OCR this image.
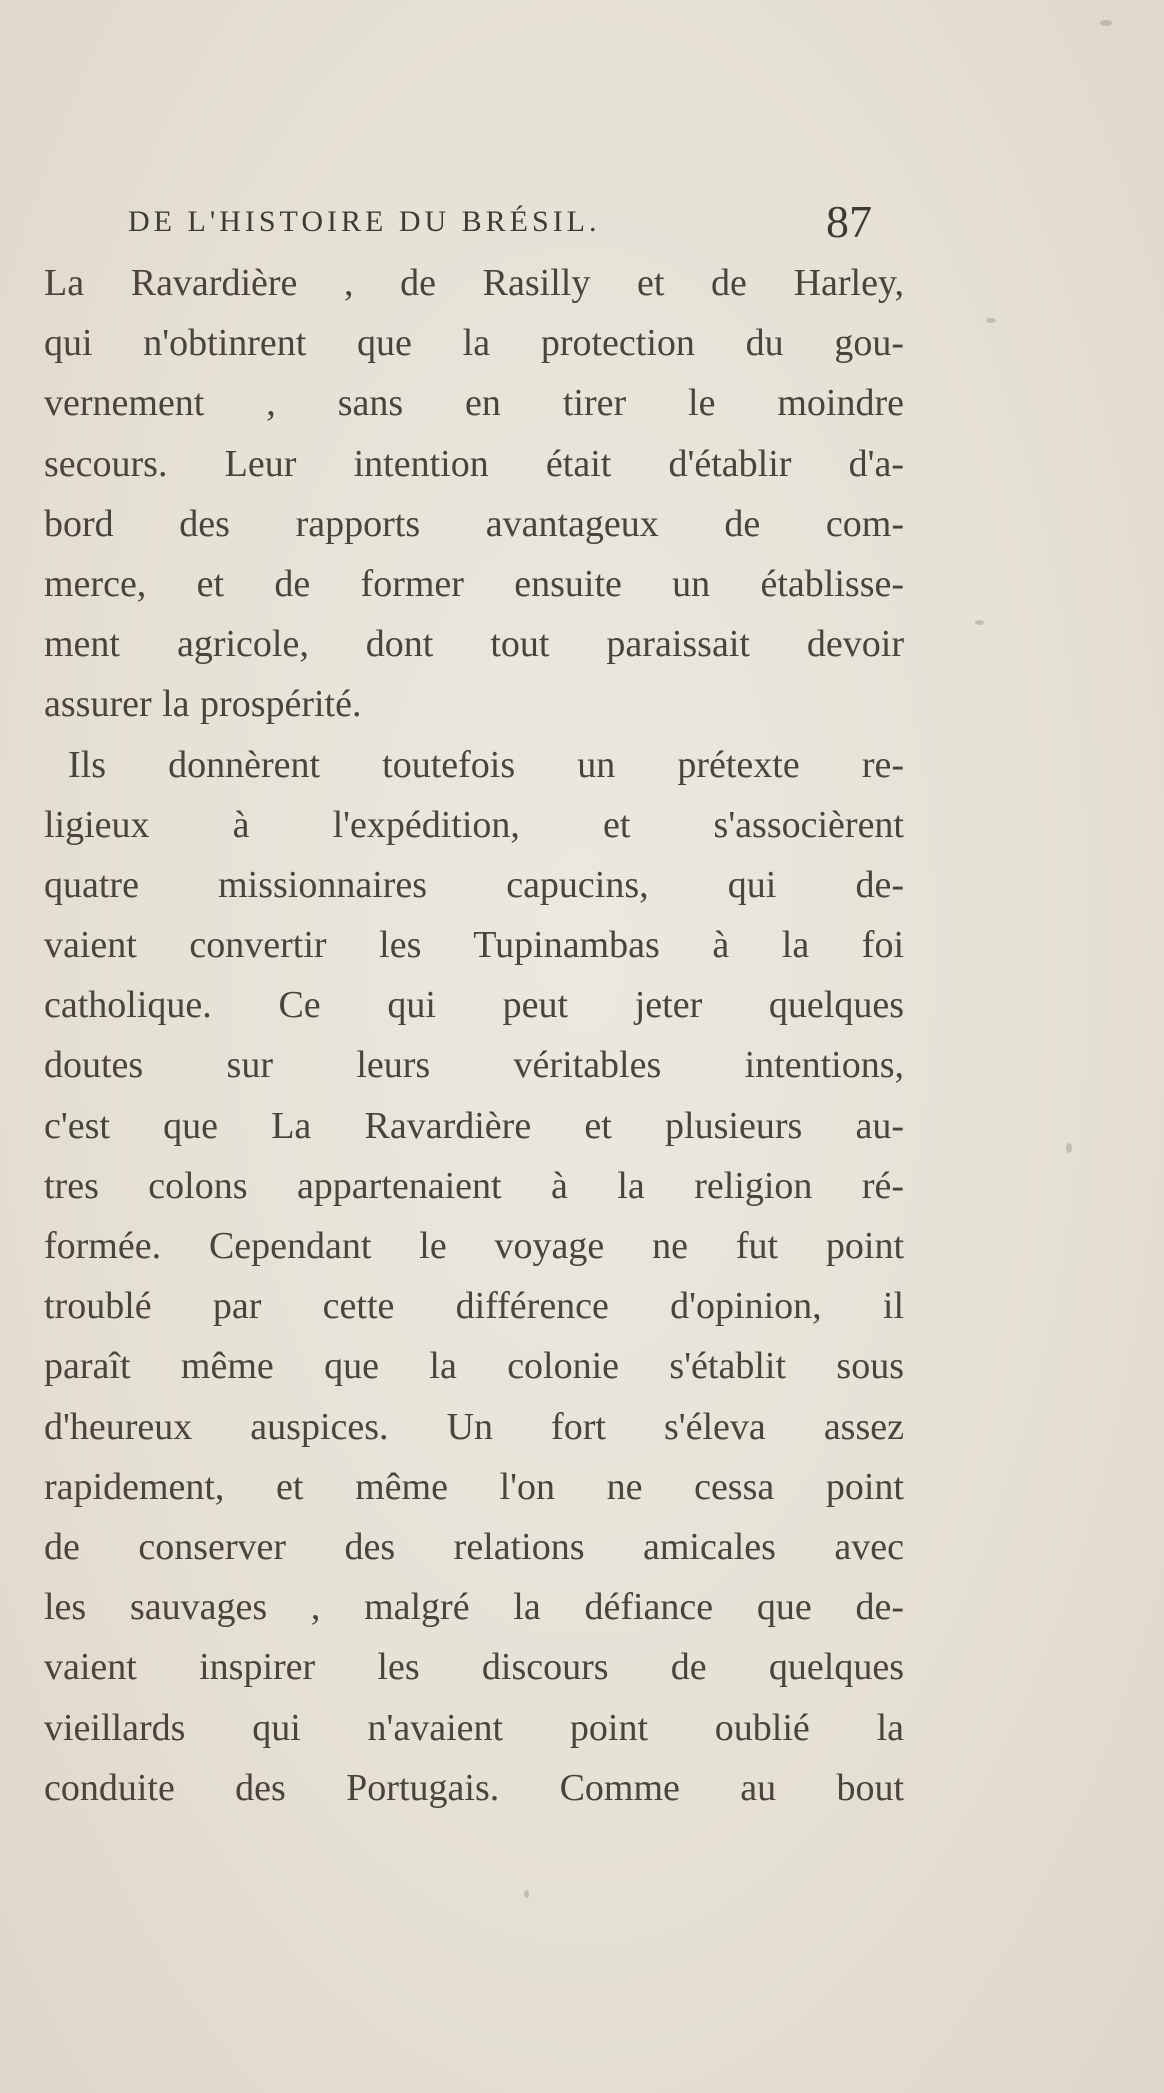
DE L'HISTOIRE DU BRÉSIL.	87
La Ravardière , de Rasilly et de Harley,
qui n'obtinrent que la protection du gou-
vernement , sans en tirer le moindre
secours. Leur intention était d'établir d'a-
bord des rapports avantageux de com-
merce, et de former ensuite un établisse-
ment agricole, dont tout paraissait devoir
assurer la prospérité.
Ils donnèrent toutefois un prétexte re-
ligieux à l'expédition, et s'associèrent
quatre missionnaires capucins, qui de-
vaient convertir les Tupinambas à la foi
catholique. Ce qui peut jeter quelques
doutes sur leurs véritables intentions,
c'est que La Ravardière et plusieurs au-
tres colons appartenaient à la religion ré-
formée. Cependant le voyage ne fut point
troublé par cette différence d'opinion, il
paraît même que la colonie s'établit sous
d'heureux auspices. Un fort s'éleva assez
rapidement, et même l'on ne cessa point
de conserver des relations amicales avec
les sauvages , malgré la défiance que de-
vaient inspirer les discours de quelques
vieillards qui n'avaient point oublié la
conduite des Portugais. Comme au bout
